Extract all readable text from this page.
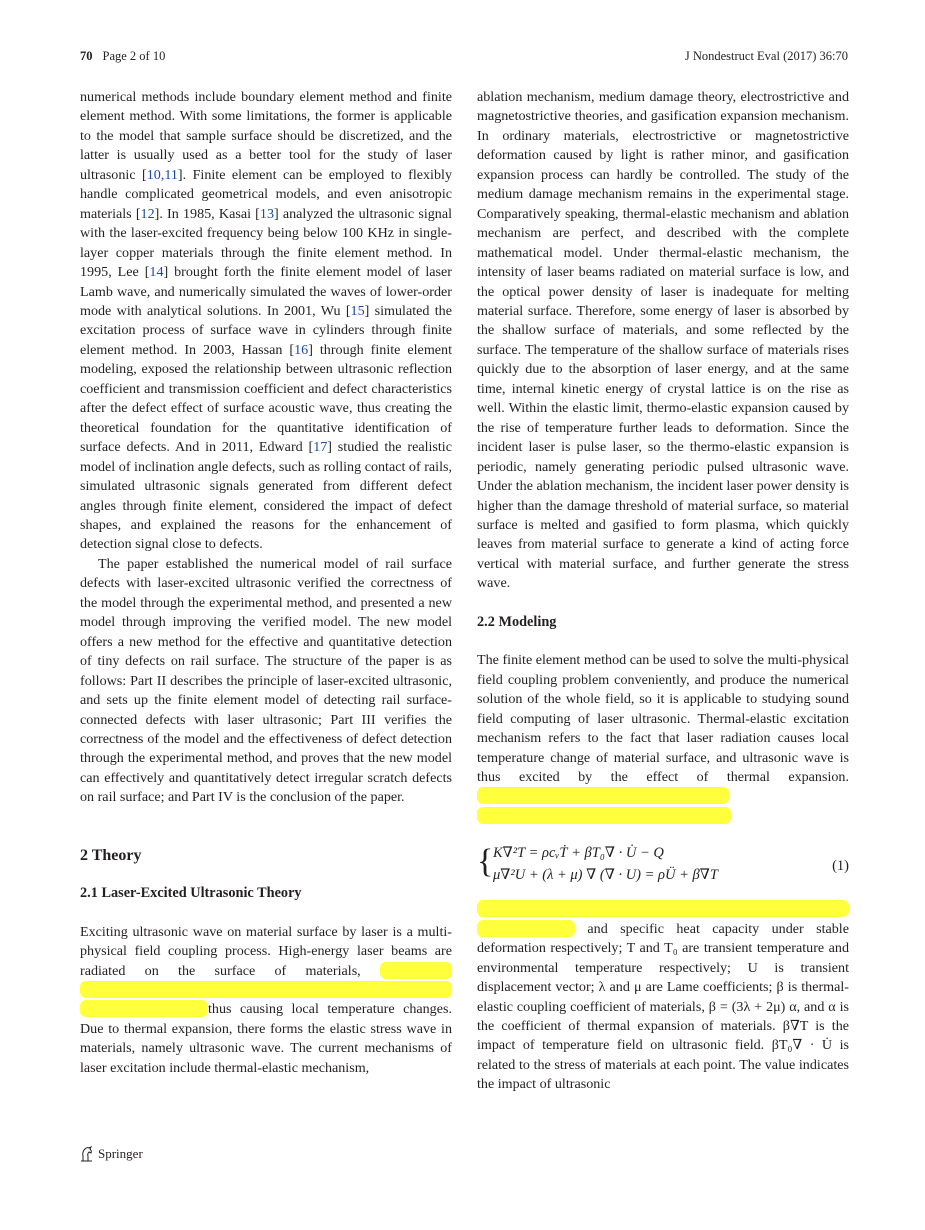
70 Page 2 of 10	J Nondestruct Eval (2017) 36:70

numerical methods include boundary element method and finite element method. With some limitations, the former is applicable to the model that sample surface should be discretized, and the latter is usually used as a better tool for the study of laser ultrasonic [10,11]. Finite element can be employed to flexibly handle complicated geometrical models, and even anisotropic materials [12]. In 1985, Kasai [13] analyzed the ultrasonic signal with the laser-excited frequency being below 100 KHz in single-layer copper materials through the finite element method. In 1995, Lee [14] brought forth the finite element model of laser Lamb wave, and numerically simulated the waves of lower-order mode with analytical solutions. In 2001, Wu [15] simulated the excitation process of surface wave in cylinders through finite element method. In 2003, Hassan [16] through finite element modeling, exposed the relationship between ultrasonic reflection coefficient and transmission coefficient and defect characteristics after the defect effect of surface acoustic wave, thus creating the theoretical foundation for the quantitative identification of surface defects. And in 2011, Edward [17] studied the realistic model of inclination angle defects, such as rolling contact of rails, simulated ultrasonic signals generated from different defect angles through finite element, considered the impact of defect shapes, and explained the reasons for the enhancement of detection signal close to defects.

The paper established the numerical model of rail surface defects with laser-excited ultrasonic verified the correctness of the model through the experimental method, and presented a new model through improving the verified model. The new model offers a new method for the effective and quantitative detection of tiny defects on rail surface. The structure of the paper is as follows: Part II describes the principle of laser-excited ultrasonic, and sets up the finite element model of detecting rail surface-connected defects with laser ultrasonic; Part III verifies the correctness of the model and the effectiveness of defect detection through the experimental method, and proves that the new model can effectively and quantitatively detect irregular scratch defects on rail surface; and Part IV is the conclusion of the paper.

2 Theory

2.1 Laser-Excited Ultrasonic Theory

Exciting ultrasonic wave on material surface by laser is a multi-physical field coupling process. High-energy laser beams are radiated on the surface of materials,   thus causing local temperature changes. Due to thermal expansion, there forms the elastic stress wave in materials, namely ultrasonic wave. The current mechanisms of laser excitation include thermal-elastic mechanism,

ablation mechanism, medium damage theory, electrostrictive and magnetostrictive theories, and gasification expansion mechanism. In ordinary materials, electrostrictive or magnetostrictive deformation caused by light is rather minor, and gasification expansion process can hardly be controlled. The study of the medium damage mechanism remains in the experimental stage. Comparatively speaking, thermal-elastic mechanism and ablation mechanism are perfect, and described with the complete mathematical model. Under thermal-elastic mechanism, the intensity of laser beams radiated on material surface is low, and the optical power density of laser is inadequate for melting material surface. Therefore, some energy of laser is absorbed by the shallow surface of materials, and some reflected by the surface. The temperature of the shallow surface of materials rises quickly due to the absorption of laser energy, and at the same time, internal kinetic energy of crystal lattice is on the rise as well. Within the elastic limit, thermo-elastic expansion caused by the rise of temperature further leads to deformation. Since the incident laser is pulse laser, so the thermo-elastic expansion is periodic, namely generating periodic pulsed ultrasonic wave. Under the ablation mechanism, the incident laser power density is higher than the damage threshold of material surface, so material surface is melted and gasified to form plasma, which quickly leaves from material surface to generate a kind of acting force vertical with material surface, and further generate the stress wave.

2.2 Modeling

The finite element method can be used to solve the multi-physical field coupling problem conveniently, and produce the numerical solution of the whole field, so it is applicable to studying sound field computing of laser ultrasonic. Thermal-elastic excitation mechanism refers to the fact that laser radiation causes local temperature change of material surface, and ultrasonic wave is thus excited by the effect of thermal expansion.

{ K∇²T = ρcᵥṪ + βT₀∇ · U̇ − Q
μ∇²U + (λ + μ) ∇ (∇ · U) = ρÜ + β∇T
(1)

and specific heat capacity under stable deformation respectively; T and T₀ are transient temperature and environmental temperature respectively; U is transient displacement vector; λ and μ are Lame coefficients; β is thermal-elastic coupling coefficient of materials, β = (3λ + 2μ) α, and α is the coefficient of thermal expansion of materials. β∇T is the impact of temperature field on ultrasonic field. βT₀∇ · U̇ is related to the stress of materials at each point. The value indicates the impact of ultrasonic

Springer
